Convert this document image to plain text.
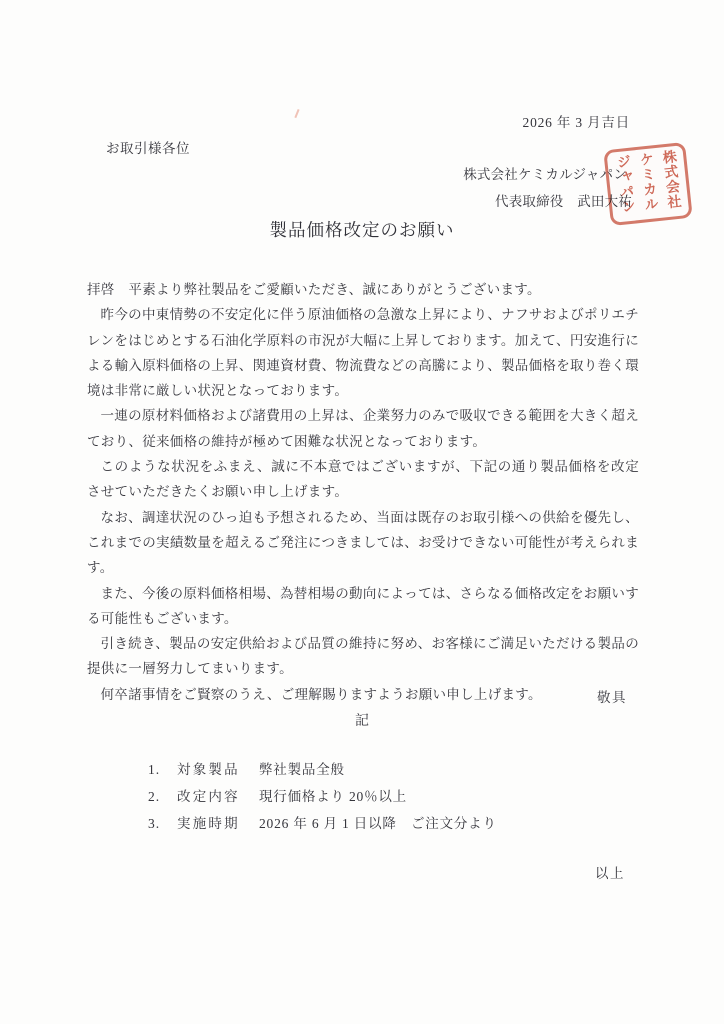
2026 年 3 月吉日
お取引様各位
株式会社ケミカルジャパン
代表取締役　武田大祐 株式会社
ケミカル
ジャパン
製品価格改定のお願い

拝啓　平素より弊社製品をご愛顧いただき、誠にありがとうございます。

昨今の中東情勢の不安定化に伴う原油価格の急激な上昇により、ナフサおよびポリエチレンをはじめとする石油化学原料の市況が大幅に上昇しております。加えて、円安進行による輸入原料価格の上昇、関連資材費、物流費などの高騰により、製品価格を取り巻く環境は非常に厳しい状況となっております。

一連の原材料価格および諸費用の上昇は、企業努力のみで吸収できる範囲を大きく超えており、従来価格の維持が極めて困難な状況となっております。

このような状況をふまえ、誠に不本意ではございますが、下記の通り製品価格を改定させていただきたくお願い申し上げます。

なお、調達状況のひっ迫も予想されるため、当面は既存のお取引様への供給を優先し、これまでの実績数量を超えるご発注につきましては、お受けできない可能性が考えられます。

また、今後の原料価格相場、為替相場の動向によっては、さらなる価格改定をお願いする可能性もございます。

引き続き、製品の安定供給および品質の維持に努め、お客様にご満足いただける製品の提供に一層努力してまいります。

何卒諸事情をご賢察のうえ、ご理解賜りますようお願い申し上げます。	敬具
記
1. 対象製品 弊社製品全般
2. 改定内容 現行価格より 20％以上
3. 実施時期 2026 年 6 月 1 日以降　ご注文分より
以上
